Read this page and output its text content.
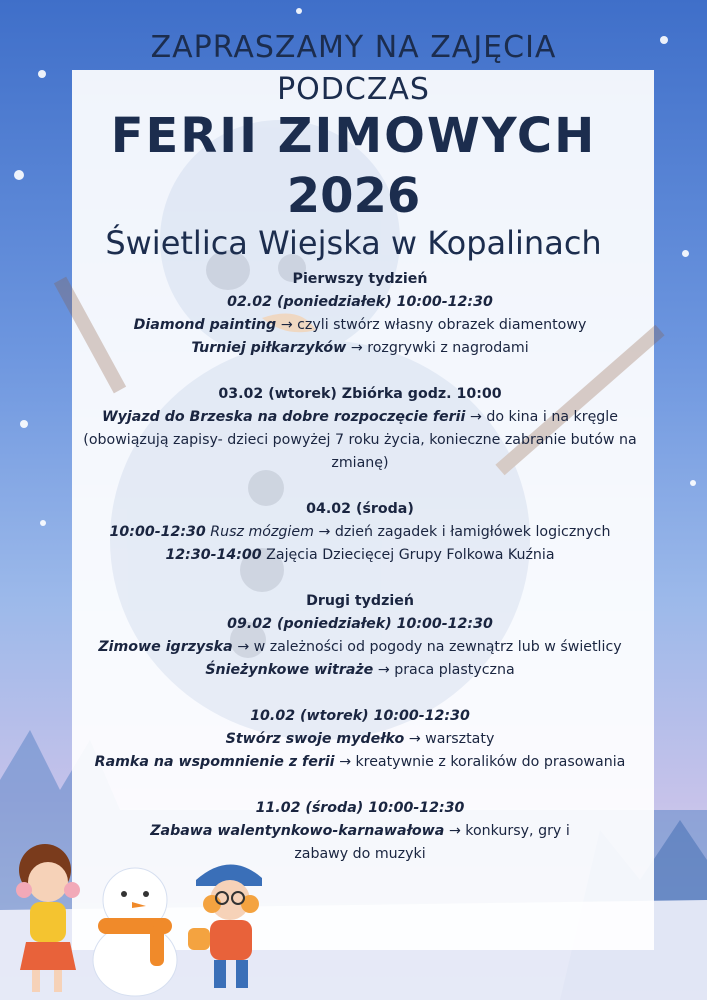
ZAPRASZAMY NA ZAJĘCIA
PODCZAS
FERII ZIMOWYCH
2026
Świetlica Wiejska w Kopalinach

Pierwszy tydzień

02.02 (poniedziałek) 10:00-12:30

Diamond painting → czyli stwórz własny obrazek diamentowy

Turniej piłkarzyków → rozgrywki z nagrodami

03.02 (wtorek) Zbiórka godz. 10:00

Wyjazd do Brzeska na dobre rozpoczęcie ferii → do kina i na kręgle

(obowiązują zapisy- dzieci powyżej 7 roku życia, konieczne zabranie butów na zmianę)

04.02 (środa)

10:00-12:30 Rusz mózgiem → dzień zagadek i łamigłówek logicznych

12:30-14:00 Zajęcia Dziecięcej Grupy Folkowa Kuźnia

Drugi tydzień

09.02 (poniedziałek) 10:00-12:30

Zimowe igrzyska → w zależności od pogody na zewnątrz lub w świetlicy

Śnieżynkowe witraże → praca plastyczna

10.02 (wtorek) 10:00-12:30

Stwórz swoje mydełko → warsztaty

Ramka na wspomnienie z ferii → kreatywnie z koralików do prasowania

11.02 (środa) 10:00-12:30

Zabawa walentynkowo-karnawałowa → konkursy, gry i zabawy do muzyki
